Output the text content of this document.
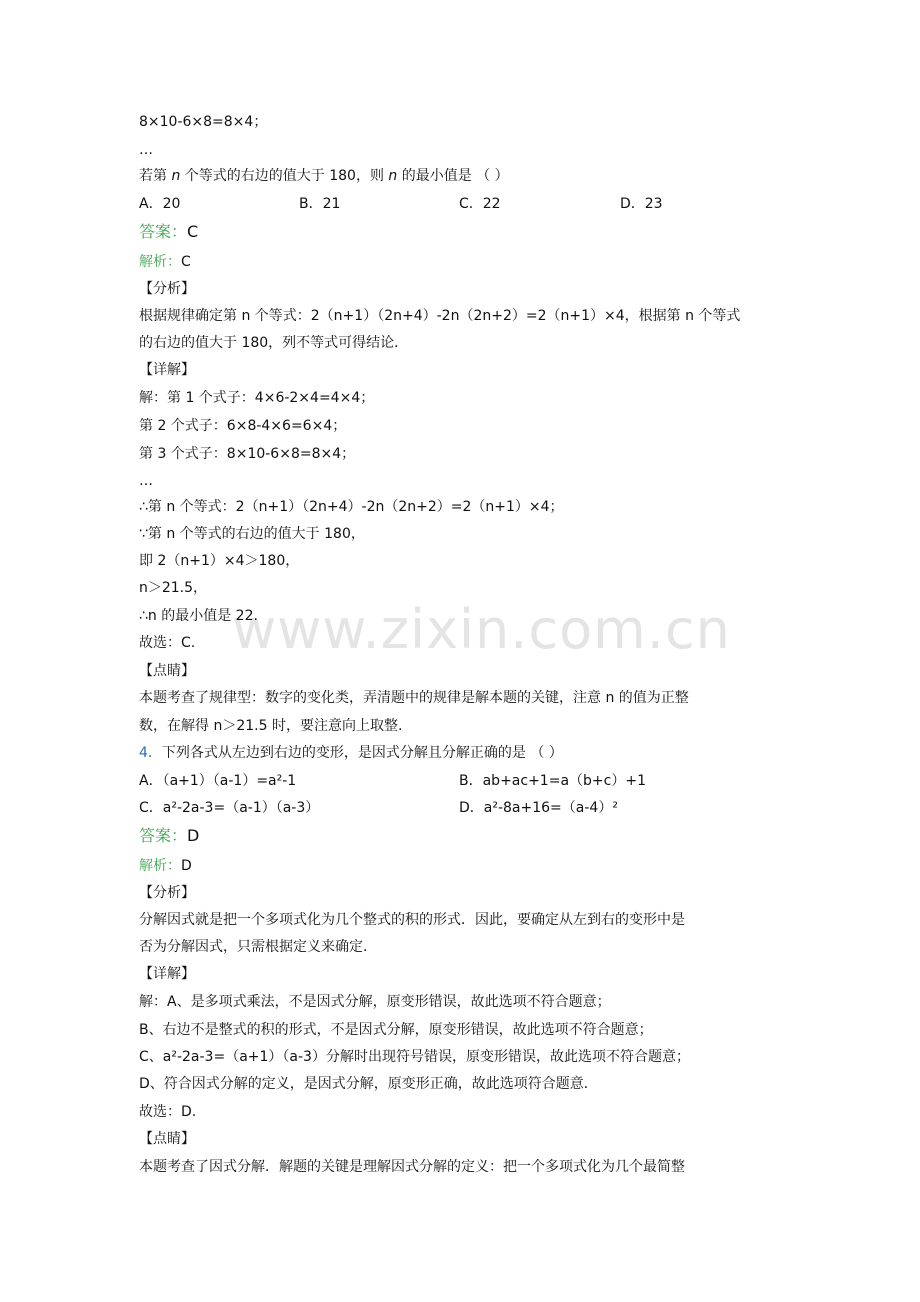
www.zixin.com.cn
8×10-6×8=8×4；
…
若第 n 个等式的右边的值大于 180，则 n 的最小值是 （ ）
A．20	B．21	C．22	D．23
答案：C
解析：C
【分析】
根据规律确定第 n 个等式：2（n+1）（2n+4）-2n（2n+2）=2（n+1）×4，根据第 n 个等式
的右边的值大于 180，列不等式可得结论．
【详解】
解：第 1 个式子：4×6-2×4=4×4；
第 2 个式子：6×8-4×6=6×4；
第 3 个式子：8×10-6×8=8×4；
…
∴第 n 个等式：2（n+1）（2n+4）-2n（2n+2）=2（n+1）×4；
∵第 n 个等式的右边的值大于 180，
即 2（n+1）×4＞180，
n＞21.5，
∴n 的最小值是 22.
故选：C.
【点睛】
本题考查了规律型：数字的变化类，弄清题中的规律是解本题的关键，注意 n 的值为正整
数，在解得 n＞21.5 时，要注意向上取整.
4．下列各式从左边到右边的变形，是因式分解且分解正确的是 （ ）
A．（a+1）（a-1）=a²-1	B．ab+ac+1=a（b+c）+1
C．a²-2a-3=（a-1）（a-3）	D．a²-8a+16=（a-4）²
答案：D
解析：D
【分析】
分解因式就是把一个多项式化为几个整式的积的形式．因此，要确定从左到右的变形中是
否为分解因式，只需根据定义来确定．
【详解】
解：A、是多项式乘法，不是因式分解，原变形错误，故此选项不符合题意；
B、右边不是整式的积的形式，不是因式分解，原变形错误，故此选项不符合题意；
C、a²-2a-3=（a+1）（a-3）分解时出现符号错误，原变形错误，故此选项不符合题意；
D、符合因式分解的定义，是因式分解，原变形正确，故此选项符合题意．
故选：D.
【点睛】
本题考查了因式分解．解题的关键是理解因式分解的定义：把一个多项式化为几个最简整
